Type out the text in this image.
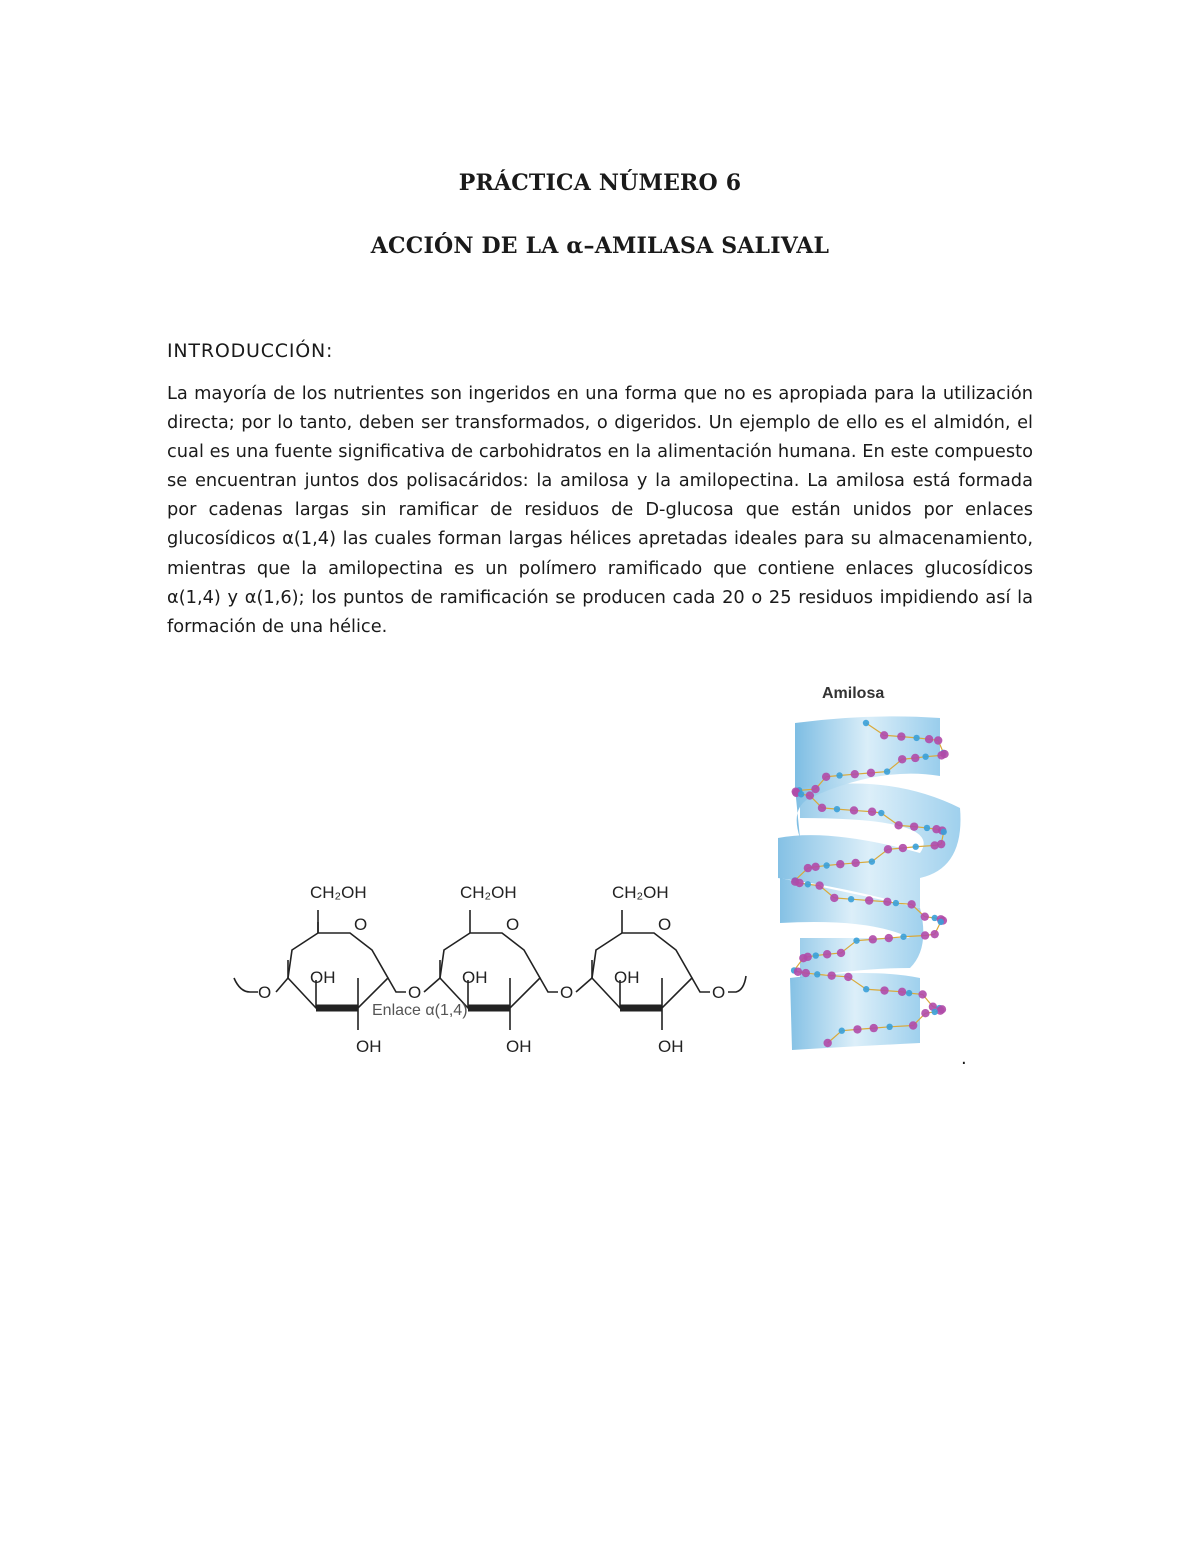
PRÁCTICA NÚMERO 6
ACCIÓN DE LA α–AMILASA SALIVAL

INTRODUCCIÓN:

La mayoría de los nutrientes son ingeridos en una forma que no es apropiada para la utilización directa; por lo tanto, deben ser transformados, o digeridos. Un ejemplo de ello es el almidón, el cual es una fuente significativa de carbohidratos en la alimentación humana. En este compuesto se encuentran juntos dos polisacáridos: la amilosa y la amilopectina. La amilosa está formada por cadenas largas sin ramificar de residuos de D-glucosa que están unidos por enlaces glucosídicos α(1,4) las cuales forman largas hélices apretadas ideales para su almacenamiento, mientras que la amilopectina es un polímero ramificado que contiene enlaces glucosídicos α(1,4) y α(1,6); los puntos de ramificación se producen cada 20 o 25 residuos impidiendo así la formación de una hélice.

CH₂OH
O
OH
OH
O	O
CH₂OH
O
OH
OH
O
CH₂OH
O
OH
OH
O
Enlace α(1,4)
Amilosa

.
